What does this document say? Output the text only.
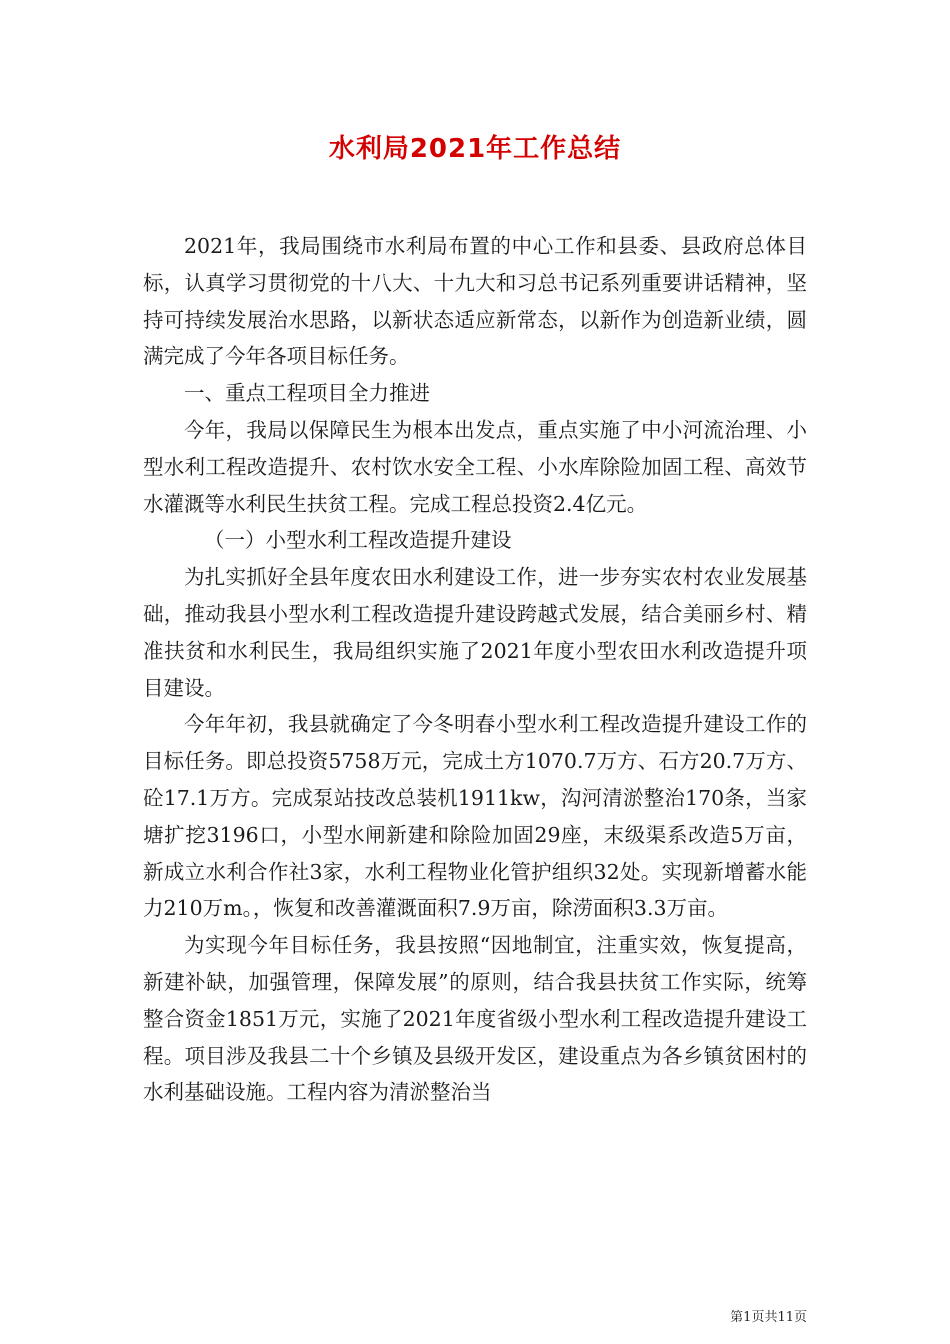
水利局2021年工作总结

2021年，我局围绕市水利局布置的中心工作和县委、县政府总体目标，认真学习贯彻党的十八大、十九大和习总书记系列重要讲话精神，坚持可持续发展治水思路，以新状态适应新常态，以新作为创造新业绩，圆满完成了今年各项目标任务。

一、重点工程项目全力推进

今年，我局以保障民生为根本出发点，重点实施了中小河流治理、小型水利工程改造提升、农村饮水安全工程、小水库除险加固工程、高效节水灌溉等水利民生扶贫工程。完成工程总投资2.4亿元。

（一）小型水利工程改造提升建设

为扎实抓好全县年度农田水利建设工作，进一步夯实农村农业发展基础，推动我县小型水利工程改造提升建设跨越式发展，结合美丽乡村、精准扶贫和水利民生，我局组织实施了2021年度小型农田水利改造提升项目建设。

今年年初，我县就确定了今冬明春小型水利工程改造提升建设工作的目标任务。即总投资5758万元，完成土方1070.7万方、石方20.7万方、砼17.1万方。完成泵站技改总装机1911kw，沟河清淤整治170条，当家塘扩挖3196口，小型水闸新建和除险加固29座，末级渠系改造5万亩，新成立水利合作社3家，水利工程物业化管护组织32处。实现新增蓄水能力210万m。，恢复和改善灌溉面积7.9万亩，除涝面积3.3万亩。

为实现今年目标任务，我县按照“因地制宜，注重实效，恢复提高，新建补缺，加强管理，保障发展”的原则，结合我县扶贫工作实际，统筹整合资金1851万元，实施了2021年度省级小型水利工程改造提升建设工程。项目涉及我县二十个乡镇及县级开发区，建设重点为各乡镇贫困村的水利基础设施。工程内容为清淤整治当

第1页共11页
